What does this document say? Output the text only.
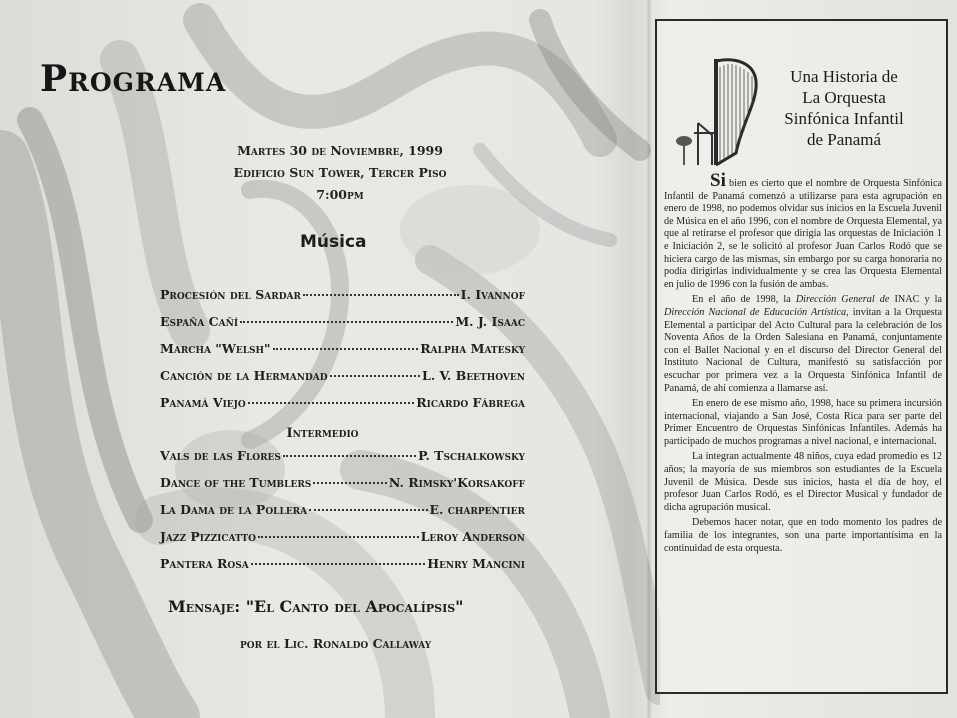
Programa
Martes 30 de Noviembre, 1999
Edificio Sun Tower, Tercer Piso
7:00pm
Música
Procesión del Sardar	I. Ivannof
España Cañí	M. J. Isaac
Marcha "Welsh"	Ralpha Matesky
Canción de la Hermandad	L. V. Beethoven
Panamá Viejo	Ricardo Fábrega
Intermedio
Vals de las Flores	P. Tschalkowsky
Dance of the Tumblers	N. Rimsky'Korsakoff
La Dama de la Pollera	E. charpentier
Jazz Pizzicatto	Leroy Anderson
Pantera Rosa	Henry Mancini
Mensaje: "El Canto del Apocalípsis"
por el Lic. Ronaldo Callaway
Una Historia de
La Orquesta
Sinfónica Infantil
de Panamá

Si bien es cierto que el nombre de Orquesta Sinfónica Infantil de Panamá comenzó a utilizarse para esta agrupación en enero de 1998, no podemos olvidar sus inicios en la Escuela Juvenil de Música en el año 1996, con el nombre de Orquesta Elemental, ya que al retirarse el profesor que dirigía las orquestas de Iniciación 1 e Iniciación 2, se le solicitó al profesor Juan Carlos Rodó que se hiciera cargo de las mismas, sin embargo por su carga honoraria no podía dirigirlas individualmente y se crea las Orquesta Elemental en julio de 1996 con la fusión de ambas.

En el año de 1998, la Dirección General de INAC y la Dirección Nacional de Educación Artística, invitan a la Orquesta Elemental a participar del Acto Cultural para la celebración de los Noventa Años de la Orden Salesiana en Panamá, conjuntamente con el Ballet Nacional y en el discurso del Director General del Instituto Nacional de Cultura, manifestó su satisfacción por escuchar por primera vez a la Orquesta Sinfónica Infantil de Panamá, de ahí comienza a llamarse así.

En enero de ese mismo año, 1998, hace su primera incursión internacional, viajando a San José, Costa Rica para ser parte del Primer Encuentro de Orquestas Sinfónicas Infantiles. Además ha participado de muchos programas a nivel nacional, e internacional.

La integran actualmente 48 niños, cuya edad promedio es 12 años; la mayoría de sus miembros son estudiantes de la Escuela Juvenil de Música. Desde sus inicios, hasta el día de hoy, el profesor Juan Carlos Rodó, es el Director Musical y fundador de dicha agrupación musical.

Debemos hacer notar, que en todo momento los padres de familia de los integrantes, son una parte importantísima en la continuidad de esta orquesta.
